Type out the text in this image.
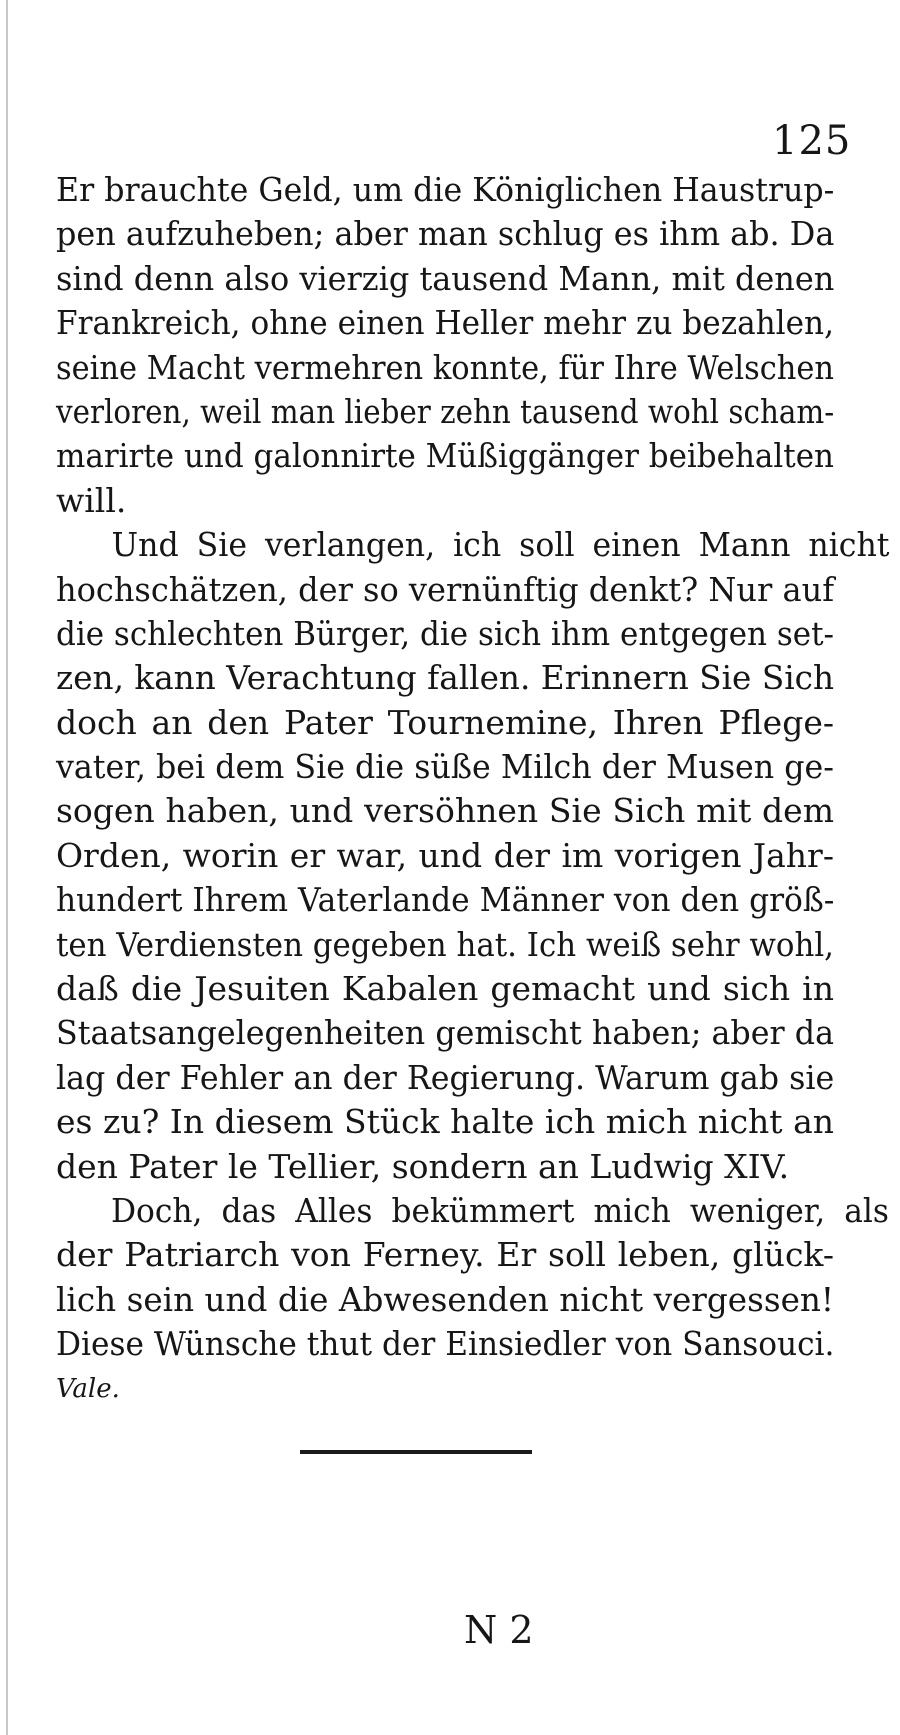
125
Er brauchte Geld, um die Königlichen Haustrup-
pen aufzuheben; aber man schlug es ihm ab. Da
sind denn also vierzig tausend Mann, mit denen
Frankreich, ohne einen Heller mehr zu bezahlen,
seine Macht vermehren konnte, für Ihre Welschen
verloren, weil man lieber zehn tausend wohl scham-
marirte und galonnirte Müßiggänger beibehalten
will.
Und Sie verlangen, ich soll einen Mann nicht
hochschätzen, der so vernünftig denkt? Nur auf
die schlechten Bürger, die sich ihm entgegen set-
zen, kann Verachtung fallen. Erinnern Sie Sich
doch an den Pater Tournemine, Ihren Pflege-
vater, bei dem Sie die süße Milch der Musen ge-
sogen haben, und versöhnen Sie Sich mit dem
Orden, worin er war, und der im vorigen Jahr-
hundert Ihrem Vaterlande Männer von den größ-
ten Verdiensten gegeben hat. Ich weiß sehr wohl,
daß die Jesuiten Kabalen gemacht und sich in
Staatsangelegenheiten gemischt haben; aber da
lag der Fehler an der Regierung. Warum gab sie
es zu? In diesem Stück halte ich mich nicht an
den Pater le Tellier, sondern an Ludwig XIV.
Doch, das Alles bekümmert mich weniger, als
der Patriarch von Ferney. Er soll leben, glück-
lich sein und die Abwesenden nicht vergessen!
Diese Wünsche thut der Einsiedler von Sansouci.
Vale.
N 2
